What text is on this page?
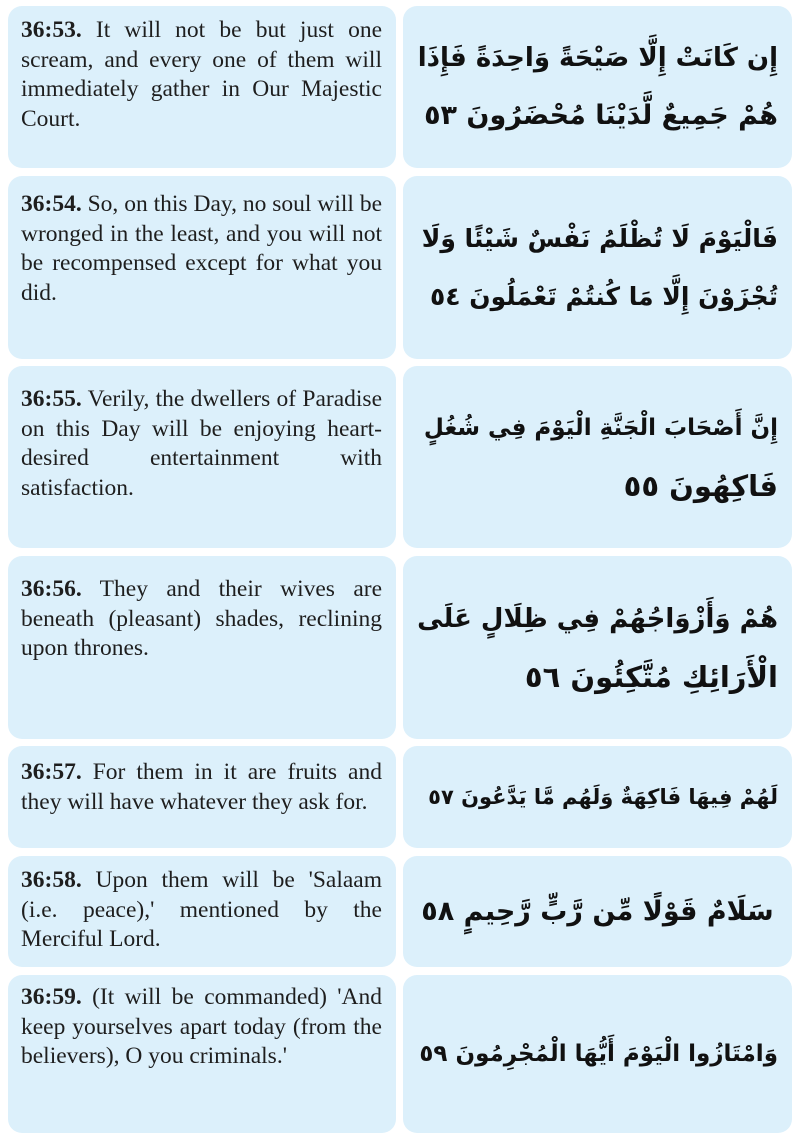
36:53. It will not be but just one scream, and every one of them will immediately gather in Our Majestic Court.

إِن كَانَتْ إِلَّا صَيْحَةً وَاحِدَةً فَإِذَا
هُمْ جَمِيعٌ لَّدَيْنَا مُحْضَرُونَ ٥٣

36:54. So, on this Day, no soul will be wronged in the least, and you will not be recompensed except for what you did.

فَالْيَوْمَ لَا تُظْلَمُ نَفْسٌ شَيْئًا وَلَا
تُجْزَوْنَ إِلَّا مَا كُنتُمْ تَعْمَلُونَ ٥٤

36:55. Verily, the dwellers of Paradise on this Day will be enjoying heart-desired entertainment with satisfaction.

إِنَّ أَصْحَابَ الْجَنَّةِ الْيَوْمَ فِي شُغُلٍ
فَاكِهُونَ ٥٥

36:56. They and their wives are beneath (pleasant) shades, reclining upon thrones.

هُمْ وَأَزْوَاجُهُمْ فِي ظِلَالٍ عَلَى
الْأَرَائِكِ مُتَّكِئُونَ ٥٦

36:57. For them in it are fruits and they will have whatever they ask for.	لَهُمْ فِيهَا فَاكِهَةٌ وَلَهُم مَّا يَدَّعُونَ ٥٧

36:58. Upon them will be 'Salaam (i.e. peace),' mentioned by the Merciful Lord.

سَلَامٌ قَوْلًا مِّن رَّبٍّ رَّحِيمٍ ٥٨

36:59. (It will be commanded) 'And keep yourselves apart today (from the believers), O you criminals.'	وَامْتَازُوا الْيَوْمَ أَيُّهَا الْمُجْرِمُونَ ٥٩
